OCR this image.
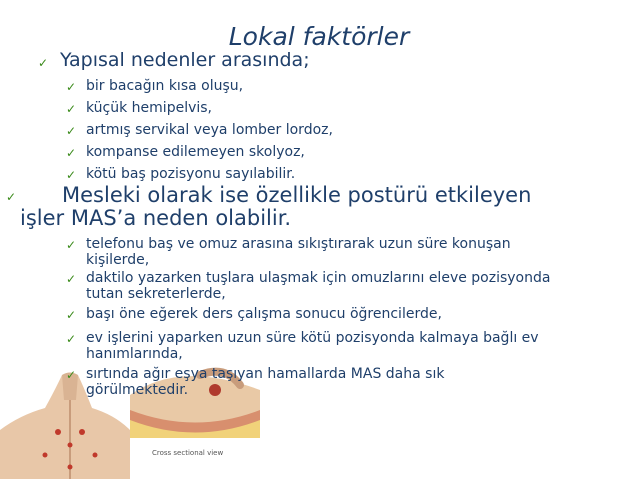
Cross sectional view
Lokal faktörler
✓ Yapısal nedenler arasında;
✓ bir bacağın kısa oluşu,
✓ küçük hemipelvis,
✓ artmış servikal veya lomber lordoz,
✓ kompanse edilemeyen skolyoz,
✓ kötü baş pozisyonu sayılabilir.
✓ Mesleki olarak ise özellikle postürü etkileyen
işler MAS’a neden olabilir.
✓ telefonu baş ve omuz arasına sıkıştırarak uzun süre konuşan
kişilerde,
✓ daktilo yazarken tuşlara ulaşmak için omuzlarını eleve pozisyonda
tutan sekreterlerde,
✓ başı öne eğerek ders çalışma sonucu öğrencilerde,
✓ ev işlerini yaparken uzun süre kötü pozisyonda kalmaya bağlı ev
hanımlarında,
✓ sırtında ağır eşya taşıyan hamallarda MAS daha sık
görülmektedir.
